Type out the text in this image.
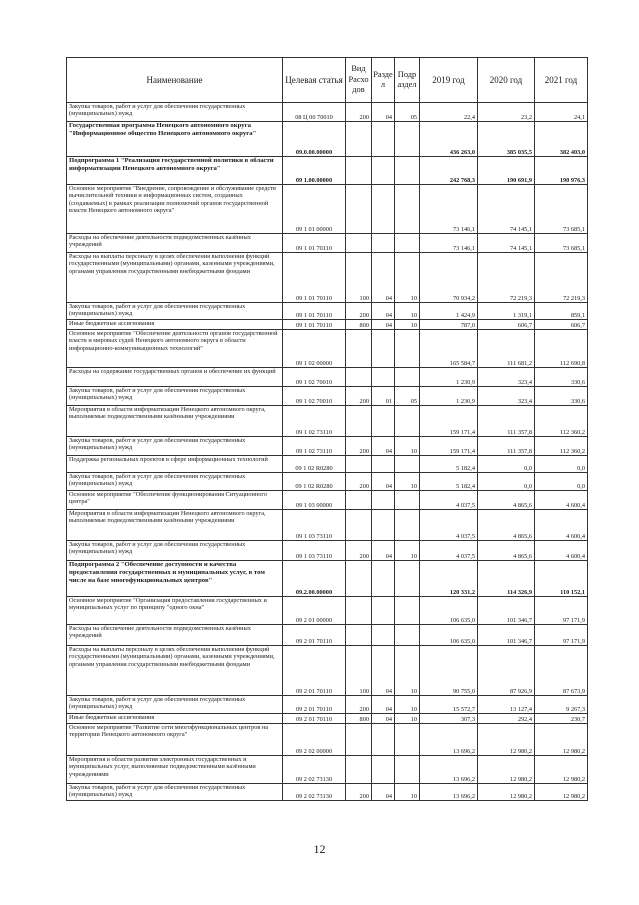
Наименование	Целевая статья	Вид Расхо дов	Разде л	Подр аздел	2019 год	2020 год	2021 год
Закупка товаров, работ и услуг для обеспечения государственных (муниципальных) нужд	08 Ц 00 70010	200	04	05	22,4	23,2	24,1
Государственная программа Ненецкого автономного округа "Информационное общество Ненецкого автономного округа"	09.0.00.00000				436 263,0	385 035,5	382 403,0
Подпрограмма 1 "Реализация государственной политики в области информатизации Ненецкого автономного округа"	09 1.00.00000				242 768,3	190 691,9	190 976,3
Основное мероприятие "Внедрение, сопровождение и обслуживание средств вычислительной техники и информационных систем, созданных (создаваемых) в рамках реализации полномочий органов государственной власти Ненецкого автономного округа"	09 1 01 00000				73 146,1	74 145,1	73 685,1
Расходы на обеспечение деятельности подведомственных казённых учреждений	09 1 01 70110				73 146,1	74 145,1	73 685,1
Расходы на выплаты персоналу в целях обеспечения выполнения функций государственными (муниципальными) органами, казенными учреждениями, органами управления государственными внебюджетными фондами	09 1 01 70110	100	04	10	70 934,2	72 219,3	72 219,3
Закупка товаров, работ и услуг для обеспечения государственных (муниципальных) нужд	09 1 01 70110	200	04	10	1 424,9	1 319,1	859,1
Иные бюджетные ассигнования	09 1 01 70110	800	04	10	787,0	606,7	606,7
Основное мероприятие "Обеспечение деятельности органов государственной власти и мировых судей Ненецкого автономного округа в области информационно-коммуникационных технологий"	09 1 02 00000				165 584,7	111 681,2	112 690,8
Расходы на содержание государственных органов и обеспечение их функций	09 1 02 70010				1 230,9	323,4	330,6
Закупка товаров, работ и услуг для обеспечения государственных (муниципальных) нужд	09 1 02 70010	200	01	05	1 230,9	323,4	330,6
Мероприятия в области информатизации Ненецкого автономного округа, выполняемые подведомственными казёнными учреждениями	09 1 02 73110				159 171,4	111 357,8	112 360,2
Закупка товаров, работ и услуг для обеспечения государственных (муниципальных) нужд	09 1 02 73110	200	04	10	159 171,4	111 357,8	112 360,2
Поддержка региональных проектов в сфере информационных технологий	09 1 02 R0280				5 182,4	0,0	0,0
Закупка товаров, работ и услуг для обеспечения государственных (муниципальных) нужд	09 1 02 R0280	200	04	10	5 182,4	0,0	0,0
Основное мероприятие "Обеспечение функционирования Ситуационного центра"	09 1 03 00000				4 037,5	4 865,6	4 600,4
Мероприятия в области информатизации Ненецкого автономного округа, выполняемые подведомственными казёнными учреждениями	09 1 03 73110				4 037,5	4 865,6	4 600,4
Закупка товаров, работ и услуг для обеспечения государственных (муниципальных) нужд	09 1 03 73110	200	04	10	4 037,5	4 865,6	4 600,4
Подпрограмма 2 "Обеспечение доступности и качества предоставления государственных и муниципальных услуг, в том числе на базе многофункциональных центров"	09.2.00.00000				120 331,2	114 326,9	110 152,1
Основное мероприятие "Организация предоставления государственных и муниципальных услуг по принципу "одного окна"	09 2 01 00000				106 635,0	101 346,7	97 171,9
Расходы на обеспечение деятельности подведомственных казённых учреждений	09 2 01 70110				106 635,0	101 346,7	97 171,9
Расходы на выплаты персоналу в целях обеспечения выполнения функций государственными (муниципальными) органами, казенными учреждениями, органами управления государственными внебюджетными фондами	09 2 01 70110	100	04	10	90 755,0	87 926,9	87 673,9
Закупка товаров, работ и услуг для обеспечения государственных (муниципальных) нужд	09 2 01 70110	200	04	10	15 572,7	13 127,4	9 267,3
Иные бюджетные ассигнования	09 2 01 70110	800	04	10	307,3	292,4	230,7
Основное мероприятие "Развитие сети многофункциональных центров на территории Ненецкого автономного округа"	09 2 02 00000				13 696,2	12 980,2	12 980,2
Мероприятия в области развития электронных государственных и муниципальных услуг, выполняемые подведомственными казёнными учреждениями	09 2 02 73130				13 696,2	12 980,2	12 980,2
Закупка товаров, работ и услуг для обеспечения государственных (муниципальных) нужд	09 2 02 73130	200	04	10	13 696,2	12 980,2	12 980,2
12
